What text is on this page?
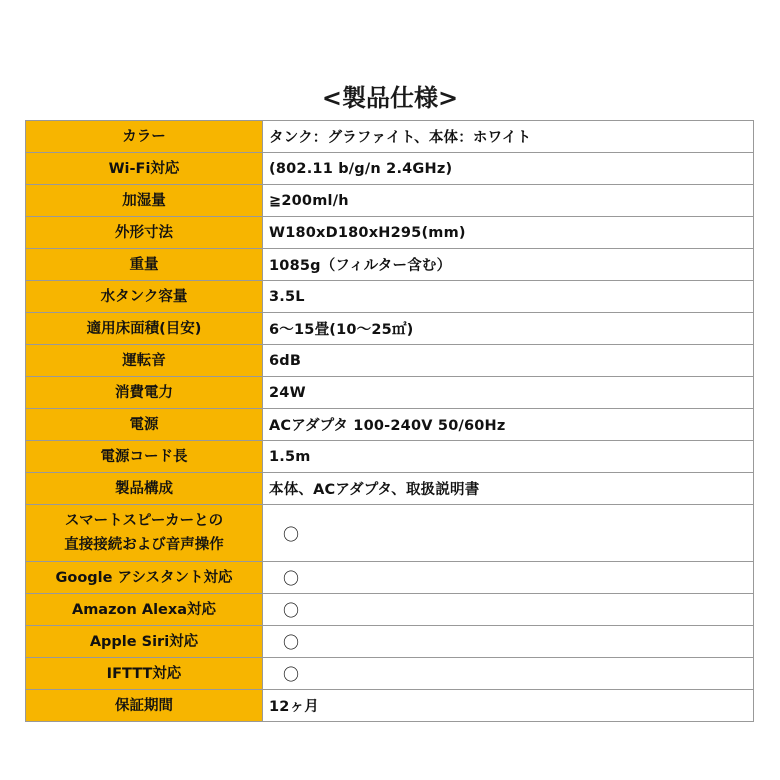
<製品仕様>
カラー	タンク：グラファイト、本体：ホワイト
Wi-Fi対応	(802.11 b/g/n 2.4GHz)
加湿量	≧200ml/h
外形寸法	W180xD180xH295(mm)
重量	1085g（フィルター含む）
水タンク容量	3.5L
適用床面積(目安)	6～15畳(10～25㎡)
運転音	6dB
消費電力	24W
電源	ACアダプタ 100-240V 50/60Hz
電源コード長	1.5m
製品構成	本体、ACアダプタ、取扱説明書

スマートスピーカーとの
直接接続および音声操作	〇
Google アシスタント対応	〇
Amazon Alexa対応	〇
Apple Siri対応	〇
IFTTT対応	〇
保証期間	12ヶ月
